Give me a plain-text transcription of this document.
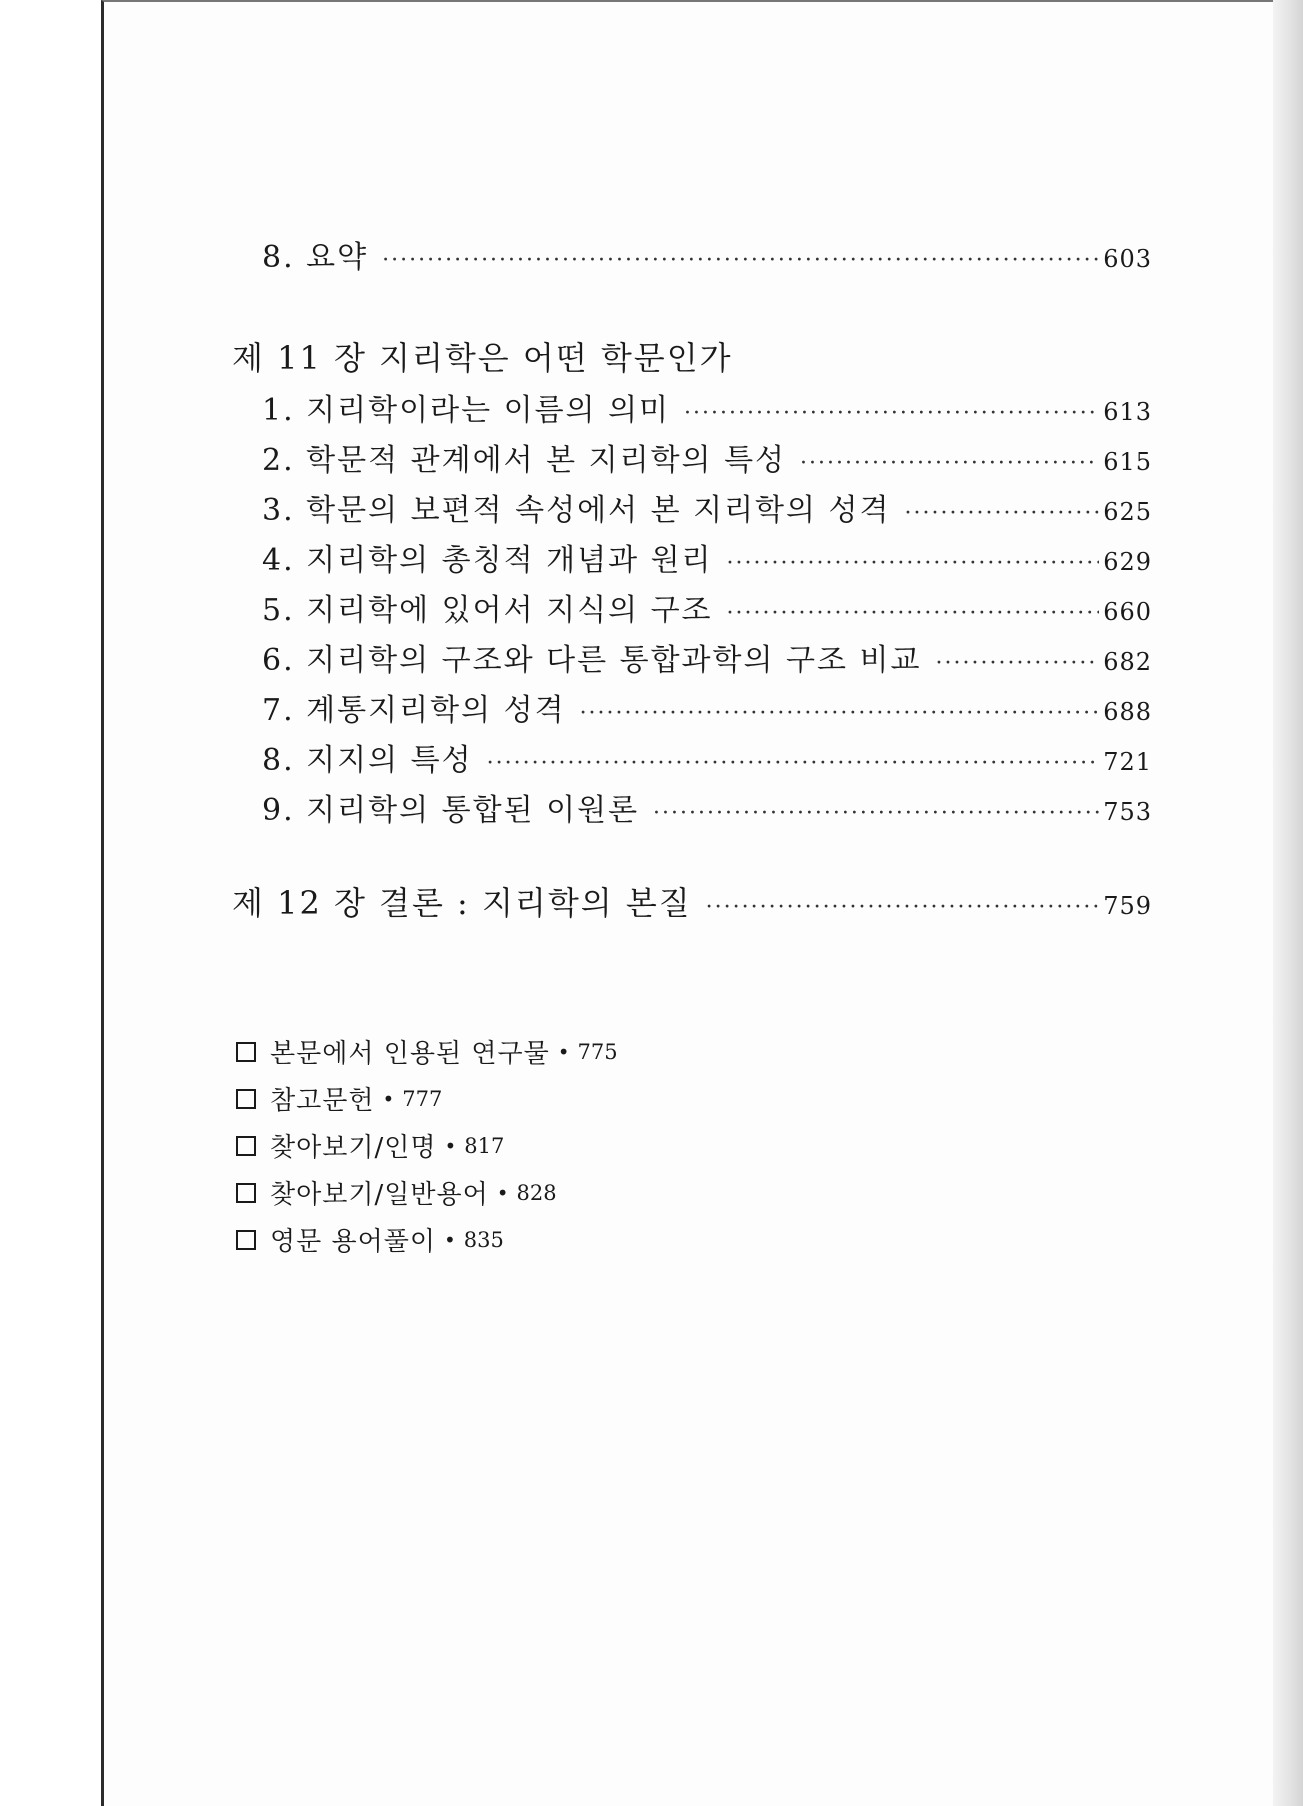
8. 요약 ·····	603
제 11 장 지리학은 어떤 학문인가
1. 지리학이라는 이름의 의미 ·····	613
2. 학문적 관계에서 본 지리학의 특성 ·····	615
3. 학문의 보편적 속성에서 본 지리학의 성격 ·····	625
4. 지리학의 총칭적 개념과 원리 ·····	629
5. 지리학에 있어서 지식의 구조 ·····	660
6. 지리학의 구조와 다른 통합과학의 구조 비교 ·····	682
7. 계통지리학의 성격 ·····	688
8. 지지의 특성 ·····	721
9. 지리학의 통합된 이원론 ·····	753
제 12 장 결론 : 지리학의 본질 ·····	759
본문에서 인용된 연구물 • 775
참고문헌 • 777
찾아보기/인명 • 817
찾아보기/일반용어 • 828
영문 용어풀이 • 835
